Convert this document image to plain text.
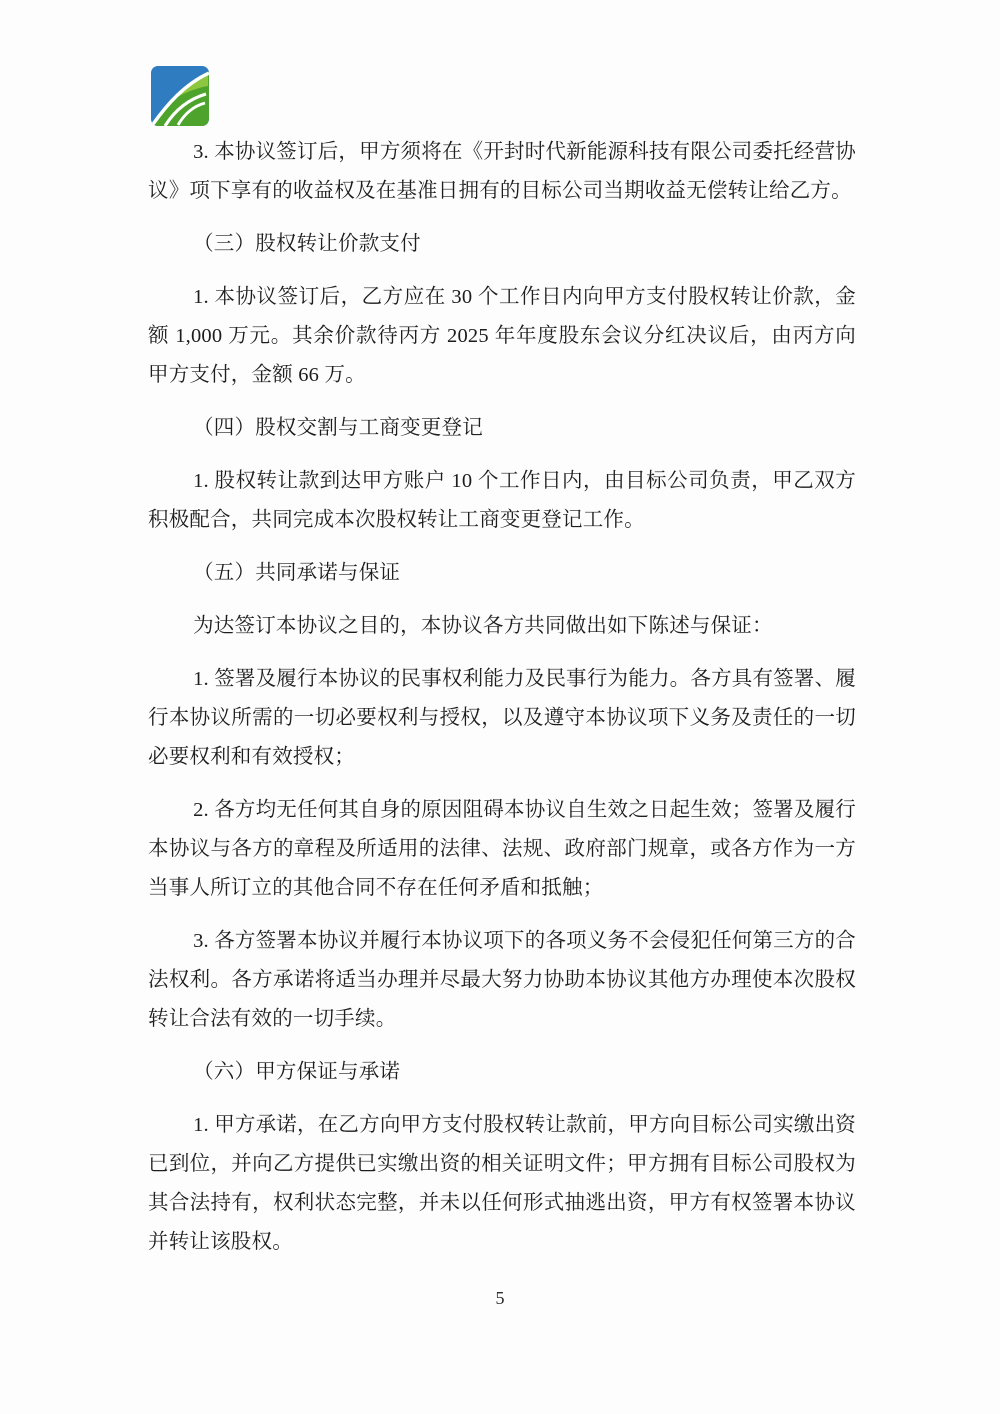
3. 本协议签订后，甲方须将在《开封时代新能源科技有限公司委托经营协议》项下享有的收益权及在基准日拥有的目标公司当期收益无偿转让给乙方。

（三）股权转让价款支付

1. 本协议签订后，乙方应在 30 个工作日内向甲方支付股权转让价款，金额 1,000 万元。其余价款待丙方 2025 年年度股东会议分红决议后，由丙方向甲方支付，金额 66 万。

（四）股权交割与工商变更登记

1. 股权转让款到达甲方账户 10 个工作日内，由目标公司负责，甲乙双方积极配合，共同完成本次股权转让工商变更登记工作。

（五）共同承诺与保证

为达签订本协议之目的，本协议各方共同做出如下陈述与保证：

1. 签署及履行本协议的民事权利能力及民事行为能力。各方具有签署、履行本协议所需的一切必要权利与授权，以及遵守本协议项下义务及责任的一切必要权利和有效授权；

2. 各方均无任何其自身的原因阻碍本协议自生效之日起生效；签署及履行本协议与各方的章程及所适用的法律、法规、政府部门规章，或各方作为一方当事人所订立的其他合同不存在任何矛盾和抵触；

3. 各方签署本协议并履行本协议项下的各项义务不会侵犯任何第三方的合法权利。各方承诺将适当办理并尽最大努力协助本协议其他方办理使本次股权转让合法有效的一切手续。

（六）甲方保证与承诺

1. 甲方承诺，在乙方向甲方支付股权转让款前，甲方向目标公司实缴出资已到位，并向乙方提供已实缴出资的相关证明文件；甲方拥有目标公司股权为其合法持有，权利状态完整，并未以任何形式抽逃出资，甲方有权签署本协议并转让该股权。

5
